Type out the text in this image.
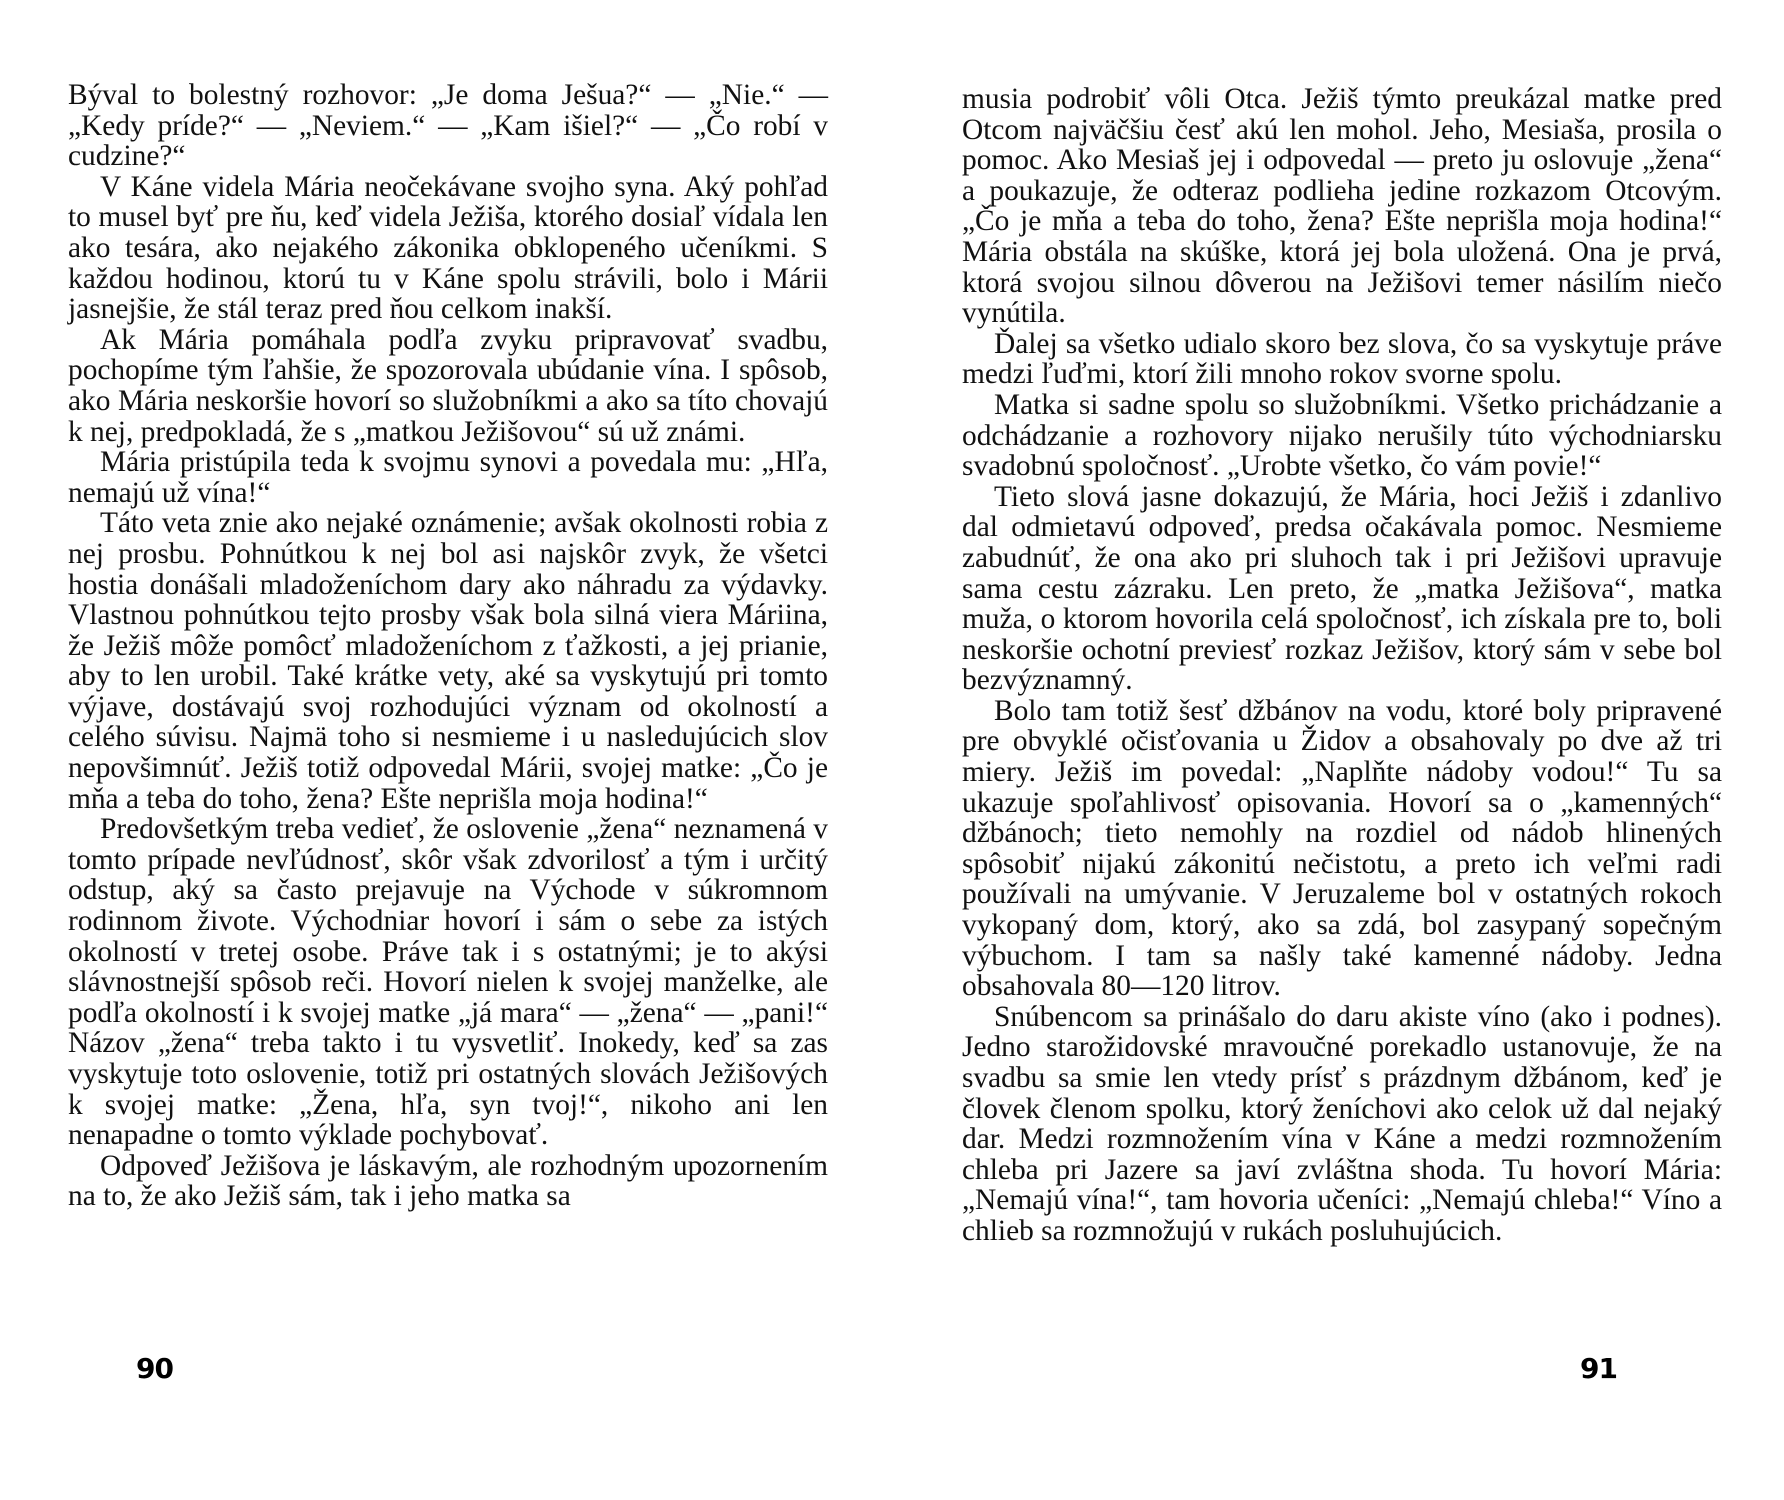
Býval to bolestný rozhovor: „Je doma Ješua?“ — „Nie.“ — „Kedy príde?“ — „Neviem.“ — „Kam išiel?“ — „Čo robí v cudzine?“

V Káne videla Mária neočekávane svojho syna. Aký pohľad to musel byť pre ňu, keď videla Ježiša, ktorého dosiaľ vídala len ako tesára, ako nejakého zákonika obklopeného učeníkmi. S každou hodinou, ktorú tu v Káne spolu strávili, bolo i Márii jasnejšie, že stál teraz pred ňou celkom inakší.

Ak Mária pomáhala podľa zvyku pripravovať svadbu, pochopíme tým ľahšie, že spozorovala ubúdanie vína. I spôsob, ako Mária neskoršie hovorí so služobníkmi a ako sa títo chovajú k nej, predpokladá, že s „matkou Ježišovou“ sú už známi.

Mária pristúpila teda k svojmu synovi a povedala mu: „Hľa, nemajú už vína!“

Táto veta znie ako nejaké oznámenie; avšak okolnosti robia z nej prosbu. Pohnútkou k nej bol asi najskôr zvyk, že všetci hostia donášali mladoženíchom dary ako náhradu za výdavky. Vlastnou pohnútkou tejto prosby však bola silná viera Máriina, že Ježiš môže pomôcť mladoženíchom z ťažkosti, a jej prianie, aby to len urobil. Také krátke vety, aké sa vyskytujú pri tomto výjave, dostávajú svoj rozhodujúci význam od okolností a celého súvisu. Najmä toho si nesmieme i u nasledujúcich slov nepovšimnúť. Ježiš totiž odpovedal Márii, svojej matke: „Čo je mňa a teba do toho, žena? Ešte neprišla moja hodina!“

Predovšetkým treba vedieť, že oslovenie „žena“ neznamená v tomto prípade nevľúdnosť, skôr však zdvorilosť a tým i určitý odstup, aký sa často prejavuje na Východe v súkromnom rodinnom živote. Východniar hovorí i sám o sebe za istých okolností v tretej osobe. Práve tak i s ostatnými; je to akýsi slávnostnejší spôsob reči. Hovorí nielen k svojej manželke, ale podľa okolností i k svojej matke „já mara“ — „žena“ — „pani!“ Názov „žena“ treba takto i tu vysvetliť. Inokedy, keď sa zas vyskytuje toto oslovenie, totiž pri ostatných slovách Ježišových k svojej matke: „Žena, hľa, syn tvoj!“, nikoho ani len nenapadne o tomto výklade pochybovať.

Odpoveď Ježišova je láskavým, ale rozhodným upozornením na to, že ako Ježiš sám, tak i jeho matka sa

musia podrobiť vôli Otca. Ježiš týmto preukázal matke pred Otcom najväčšiu česť akú len mohol. Jeho, Mesiaša, prosila o pomoc. Ako Mesiaš jej i odpovedal — preto ju oslovuje „žena“ a poukazuje, že odteraz podlieha jedine rozkazom Otcovým. „Čo je mňa a teba do toho, žena? Ešte neprišla moja hodina!“ Mária obstála na skúške, ktorá jej bola uložená. Ona je prvá, ktorá svojou silnou dôverou na Ježišovi temer násilím niečo vynútila.

Ďalej sa všetko udialo skoro bez slova, čo sa vyskytuje práve medzi ľuďmi, ktorí žili mnoho rokov svorne spolu.

Matka si sadne spolu so služobníkmi. Všetko prichádzanie a odchádzanie a rozhovory nijako nerušily túto východniarsku svadobnú spoločnosť. „Urobte všetko, čo vám povie!“

Tieto slová jasne dokazujú, že Mária, hoci Ježiš i zdanlivo dal odmietavú odpoveď, predsa očakávala pomoc. Nesmieme zabudnúť, že ona ako pri sluhoch tak i pri Ježišovi upravuje sama cestu zázraku. Len preto, že „matka Ježišova“, matka muža, o ktorom hovorila celá spoločnosť, ich získala pre to, boli neskoršie ochotní previesť rozkaz Ježišov, ktorý sám v sebe bol bezvýznamný.

Bolo tam totiž šesť džbánov na vodu, ktoré boly pripravené pre obvyklé očisťovania u Židov a obsahovaly po dve až tri miery. Ježiš im povedal: „Naplňte nádoby vodou!“ Tu sa ukazuje spoľahlivosť opisovania. Hovorí sa o „kamenných“ džbánoch; tieto nemohly na rozdiel od nádob hlinených spôsobiť nijakú zákonitú nečistotu, a preto ich veľmi radi používali na umývanie. V Jeruzaleme bol v ostatných rokoch vykopaný dom, ktorý, ako sa zdá, bol zasypaný sopečným výbuchom. I tam sa našly také kamenné nádoby. Jedna obsahovala 80—120 litrov.

Snúbencom sa prinášalo do daru akiste víno (ako i podnes). Jedno starožidovské mravoučné porekadlo ustanovuje, že na svadbu sa smie len vtedy prísť s prázdnym džbánom, keď je človek členom spolku, ktorý ženíchovi ako celok už dal nejaký dar. Medzi rozmnožením vína v Káne a medzi rozmnožením chleba pri Jazere sa javí zvláštna shoda. Tu hovorí Mária: „Nemajú vína!“, tam hovoria učeníci: „Nemajú chleba!“ Víno a chlieb sa rozmnožujú v rukách posluhujúcich.

90	91
